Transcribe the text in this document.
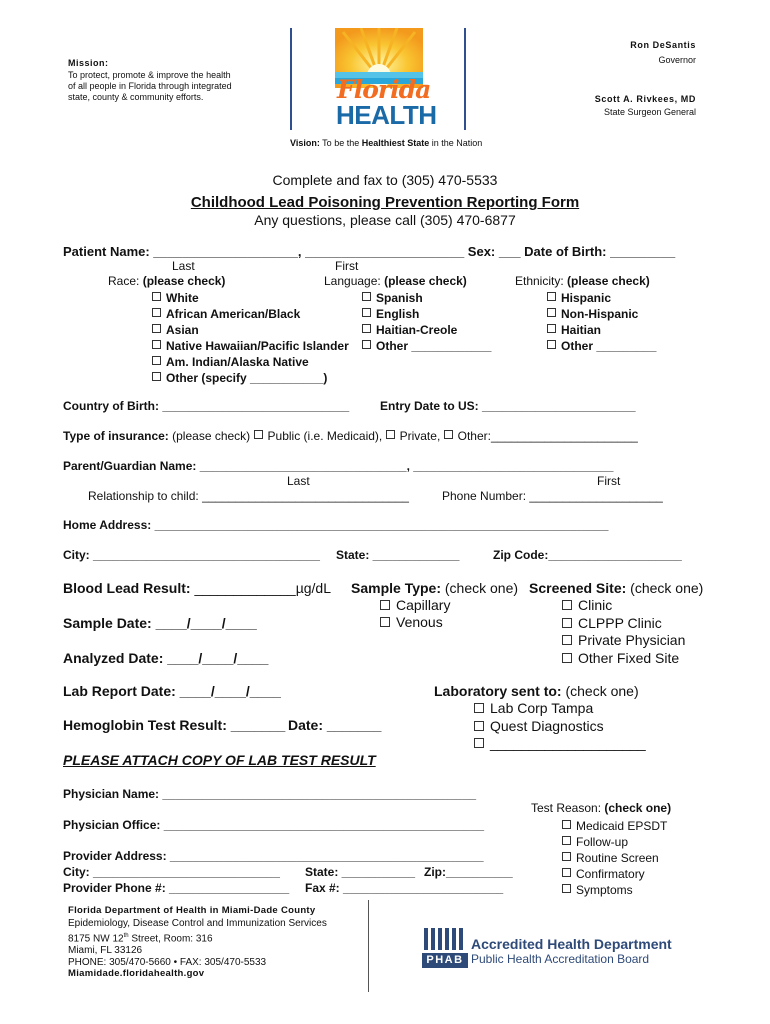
Mission:
To protect, promote & improve the health
of all people in Florida through integrated
state, county & community efforts.	Florida
HEALTH
Ron DeSantis
Governor
Scott A. Rivkees, MD
State Surgeon General
Vision: To be the Healthiest State in the Nation
Complete and fax to (305) 470-5533
Childhood Lead Poisoning Prevention Reporting Form
Any questions, please call (305) 470-6877
Patient Name: ____________________, ______________________ Sex: ___ Date of Birth: _________
Last	First
Race: (please check)
White
African American/Black
Asian
Native Hawaiian/Pacific Islander
Am. Indian/Alaska Native
Other (specify ___________)
Language: (please check)
Spanish
English
Haitian-Creole
Other ____________
Ethnicity: (please check)
Hispanic
Non-Hispanic
Haitian
Other _________
Country of Birth: ____________________________	Entry Date to US: _______________________
Type of insurance: (please check) Public (i.e. Medicaid), Private, Other:______________________
Parent/Guardian Name: _______________________________, ______________________________
Last	First
Relationship to child: _______________________________	Phone Number: ____________________
Home Address: ____________________________________________________________________
City: __________________________________ State: _____________	Zip Code:____________________
Blood Lead Result: _____________µg/dL
Sample Date: ____/____/____
Analyzed Date: ____/____/____
Lab Report Date: ____/____/____
Hemoglobin Test Result: _______ Date: _______
Sample Type: (check one)
Capillary
Venous
Screened Site: (check one)
Clinic
CLPPP Clinic
Private Physician
Other Fixed Site
Laboratory sent to: (check one)
Lab Corp Tampa
Quest Diagnostics
____________________
PLEASE ATTACH COPY OF LAB TEST RESULT
Physician Name: _______________________________________________
Physician Office: ________________________________________________
Provider Address: _______________________________________________
City: ____________________________ State: ___________ Zip:__________
Provider Phone #: __________________ Fax #: ________________________
Test Reason: (check one)
Medicaid EPSDT
Follow-up
Routine Screen
Confirmatory
Symptoms
Florida Department of Health in Miami-Dade County
Epidemiology, Disease Control and Immunization Services
8175 NW 12th Street, Room: 316
Miami, FL 33126
PHONE: 305/470-5660 • FAX: 305/470-5533
Miamidade.floridahealth.gov
PHAB
Accredited Health Department
Public Health Accreditation Board
